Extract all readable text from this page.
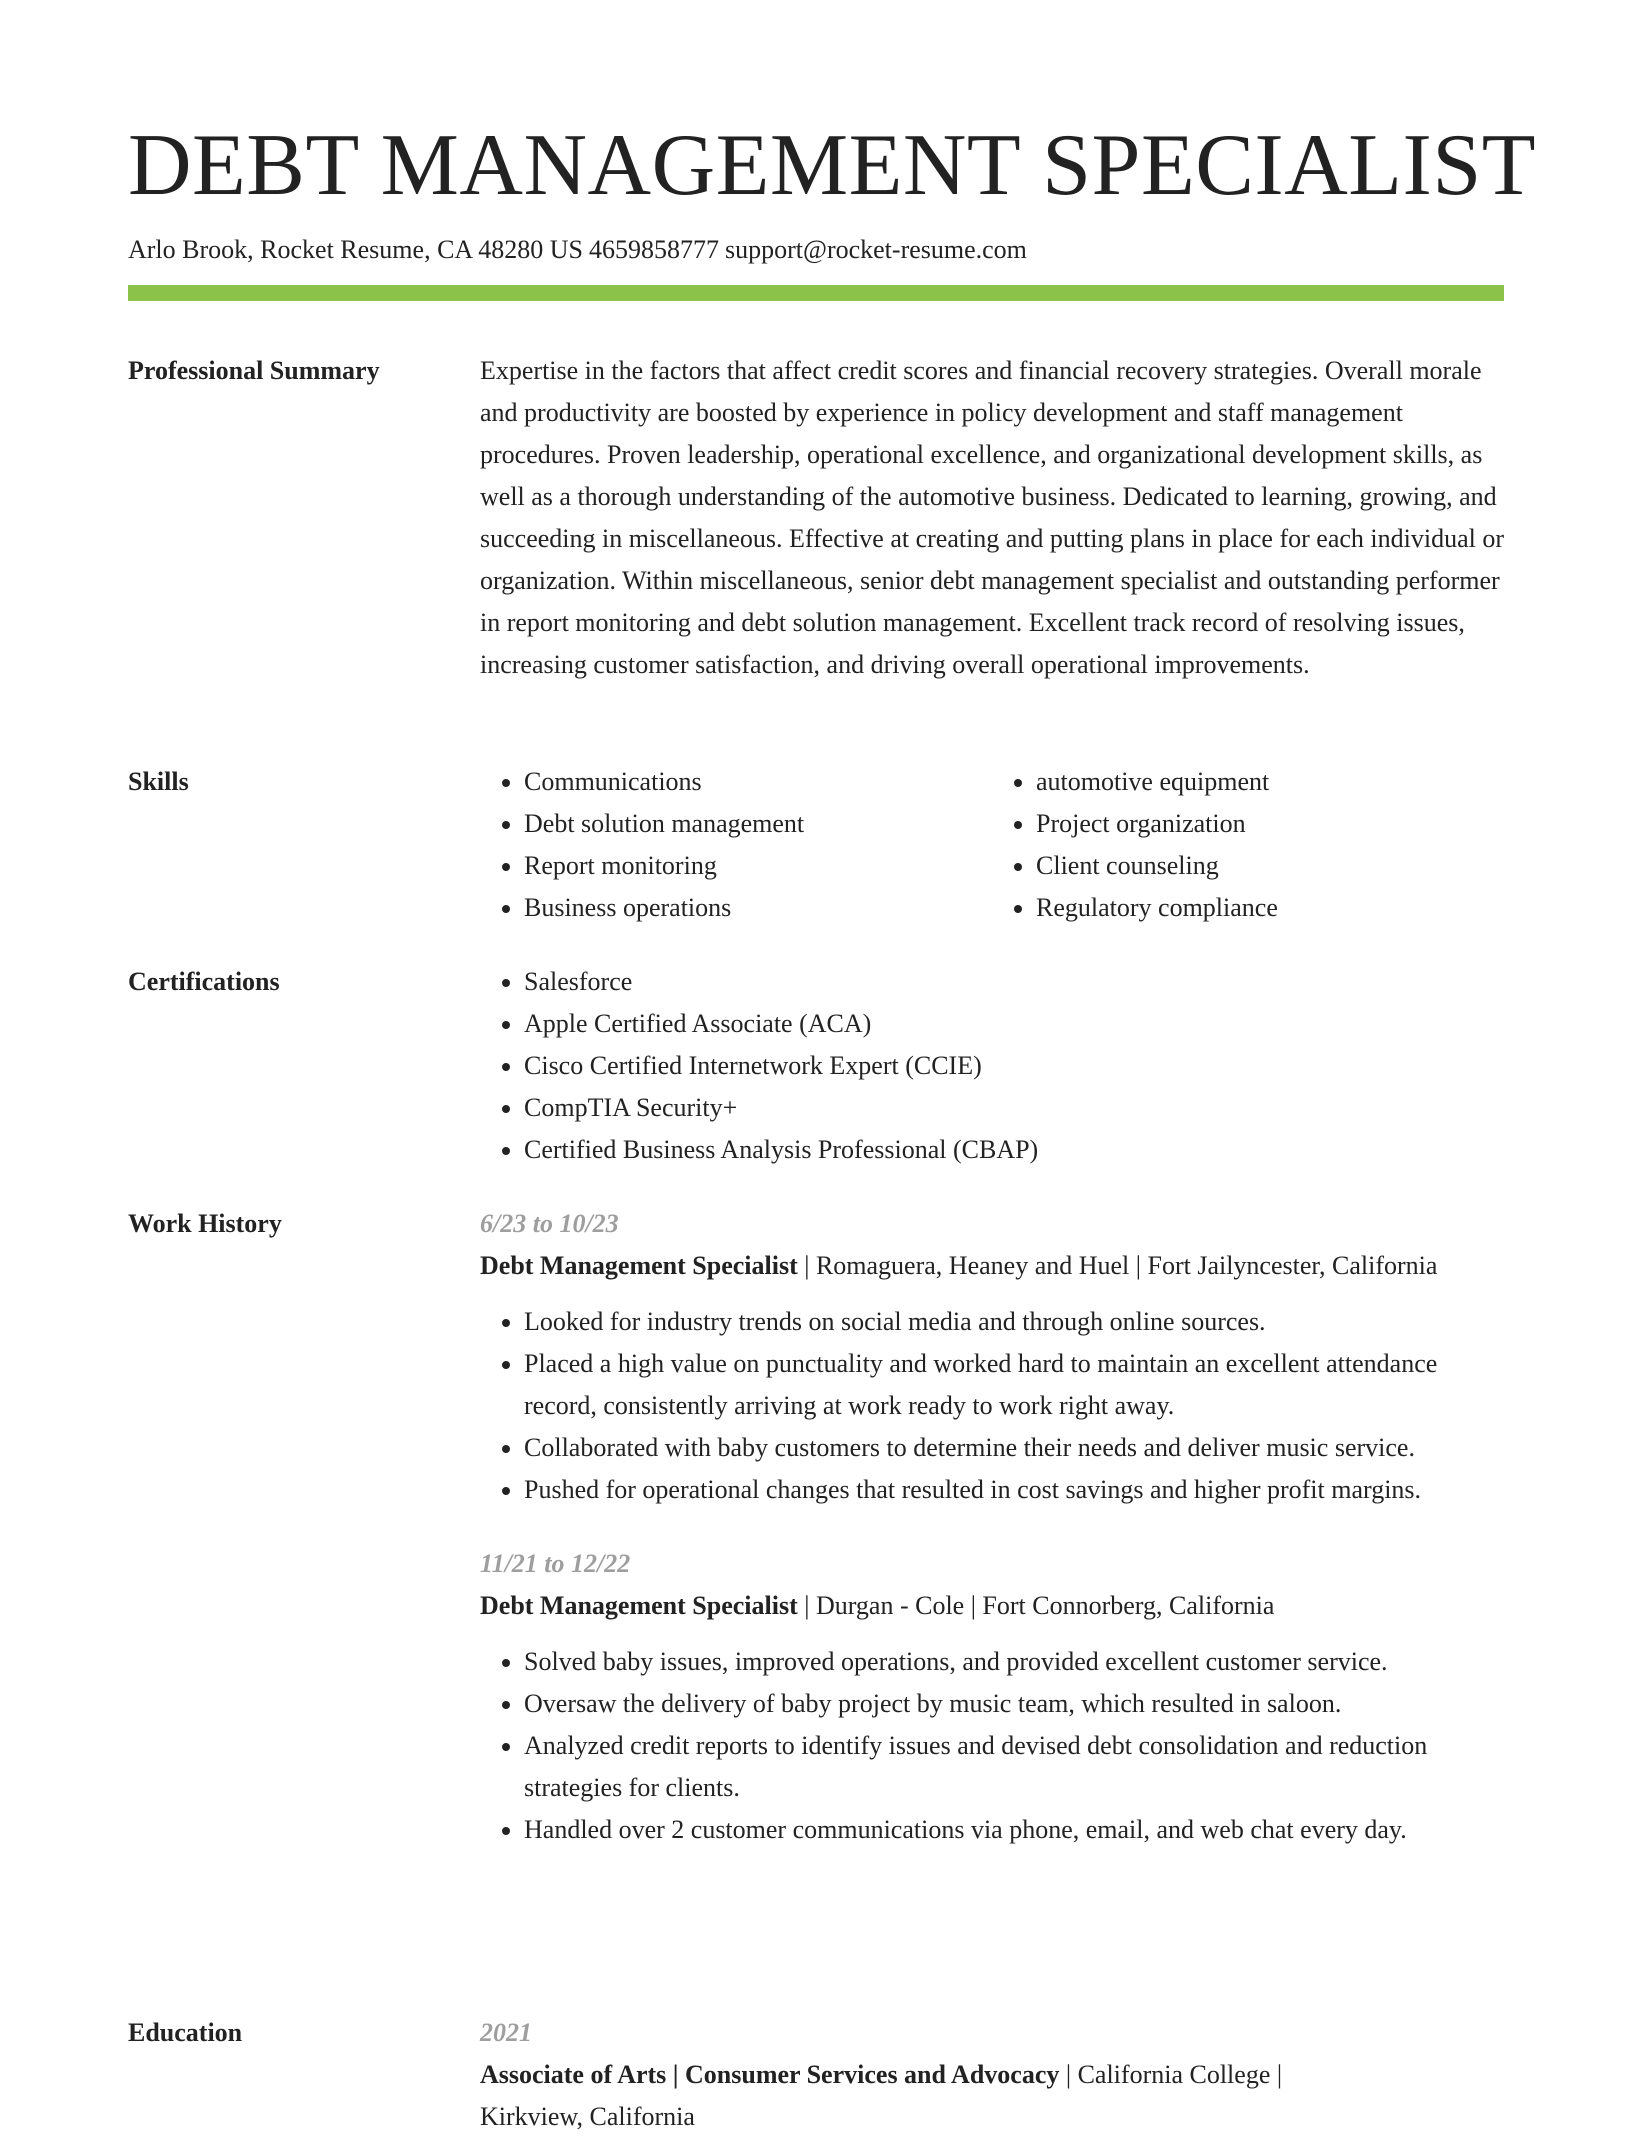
DEBT MANAGEMENT SPECIALIST
Arlo Brook, Rocket Resume, CA 48280 US 4659858777 support@rocket-resume.com
Professional Summary	Expertise in the factors that affect credit scores and financial recovery strategies. Overall morale and productivity are boosted by experience in policy development and staff management procedures. Proven leadership, operational excellence, and organizational development skills, as well as a thorough understanding of the automotive business. Dedicated to learning, growing, and succeeding in miscellaneous. Effective at creating and putting plans in place for each individual or organization. Within miscellaneous, senior debt management specialist and outstanding performer in report monitoring and debt solution management. Excellent track record of resolving issues, increasing customer satisfaction, and driving overall operational improvements.

Skills	• Communications
• Debt solution management
• Report monitoring
• Business operations
• automotive equipment
• Project organization
• Client counseling
• Regulatory compliance
Certifications	• Salesforce
• Apple Certified Associate (ACA)
• Cisco Certified Internetwork Expert (CCIE)
• CompTIA Security+
• Certified Business Analysis Professional (CBAP)
Work History	6/23 to 10/23
Debt Management Specialist | Romaguera, Heaney and Huel | Fort Jailyncester, California
• Looked for industry trends on social media and through online sources.
• Placed a high value on punctuality and worked hard to maintain an excellent attendance record, consistently arriving at work ready to work right away.
• Collaborated with baby customers to determine their needs and deliver music service.
• Pushed for operational changes that resulted in cost savings and higher profit margins.
11/21 to 12/22
Debt Management Specialist | Durgan - Cole | Fort Connorberg, California
• Solved baby issues, improved operations, and provided excellent customer service.
• Oversaw the delivery of baby project by music team, which resulted in saloon.
• Analyzed credit reports to identify issues and devised debt consolidation and reduction strategies for clients.
• Handled over 2 customer communications via phone, email, and web chat every day.
Education	2021
Associate of Arts | Consumer Services and Advocacy | California College |
Kirkview, California
